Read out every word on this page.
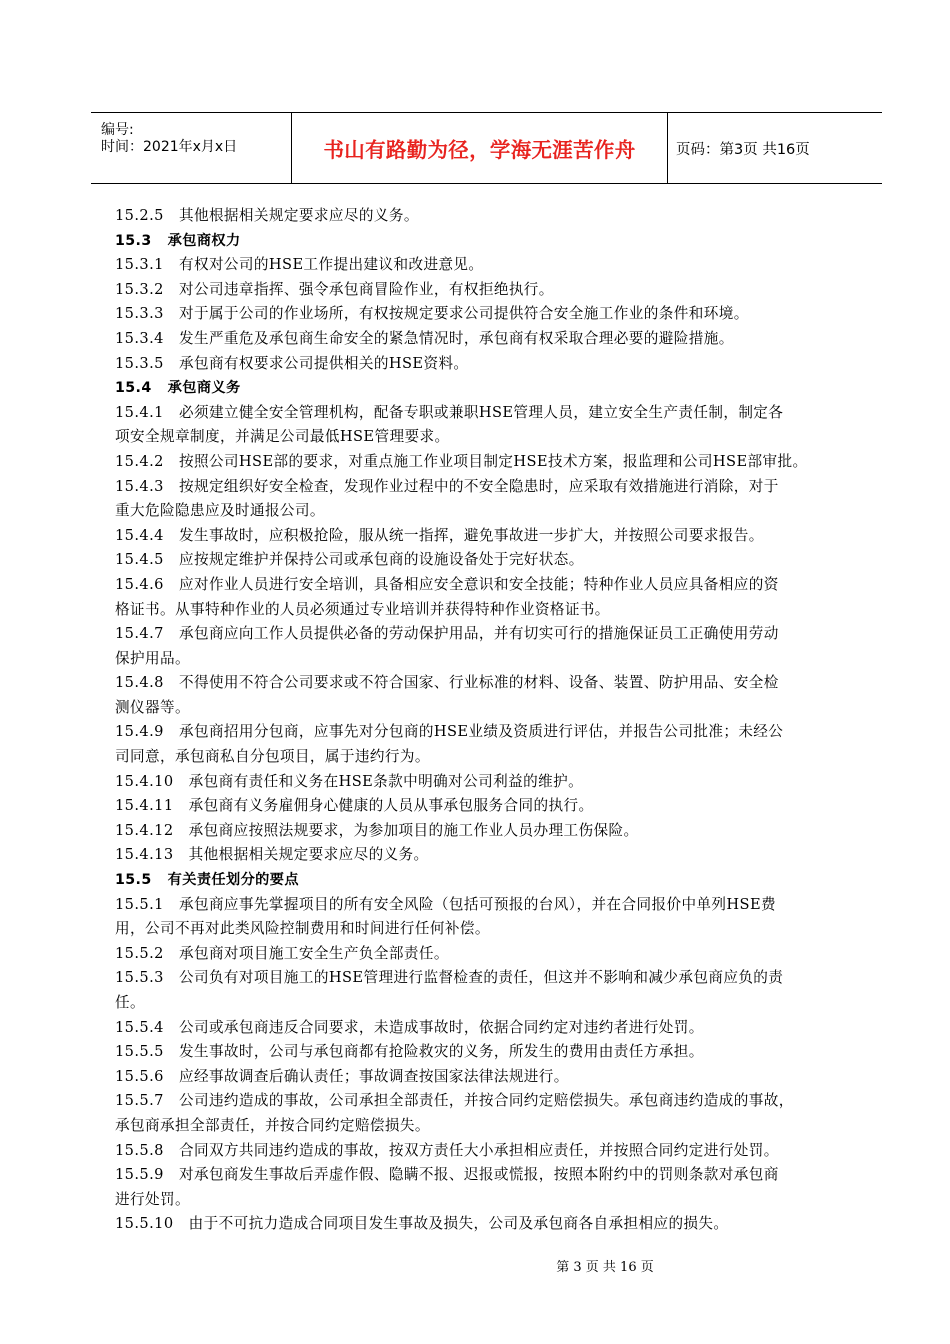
编号:
时间：2021年x月x日	书山有路勤为径，学海无涯苦作舟	页码：第3页 共16页
15.2.5 其他根据相关规定要求应尽的义务。
15.3 承包商权力
15.3.1 有权对公司的HSE工作提出建议和改进意见。
15.3.2 对公司违章指挥、强令承包商冒险作业，有权拒绝执行。
15.3.3 对于属于公司的作业场所，有权按规定要求公司提供符合安全施工作业的条件和环境。
15.3.4 发生严重危及承包商生命安全的紧急情况时，承包商有权采取合理必要的避险措施。
15.3.5 承包商有权要求公司提供相关的HSE资料。
15.4 承包商义务
15.4.1 必须建立健全安全管理机构，配备专职或兼职HSE管理人员，建立安全生产责任制，制定各
项安全规章制度，并满足公司最低HSE管理要求。
15.4.2 按照公司HSE部的要求，对重点施工作业项目制定HSE技术方案，报监理和公司HSE部审批。
15.4.3 按规定组织好安全检查，发现作业过程中的不安全隐患时，应采取有效措施进行消除，对于
重大危险隐患应及时通报公司。
15.4.4 发生事故时，应积极抢险，服从统一指挥，避免事故进一步扩大，并按照公司要求报告。
15.4.5 应按规定维护并保持公司或承包商的设施设备处于完好状态。
15.4.6 应对作业人员进行安全培训，具备相应安全意识和安全技能；特种作业人员应具备相应的资
格证书。从事特种作业的人员必须通过专业培训并获得特种作业资格证书。
15.4.7 承包商应向工作人员提供必备的劳动保护用品，并有切实可行的措施保证员工正确使用劳动
保护用品。
15.4.8 不得使用不符合公司要求或不符合国家、行业标准的材料、设备、装置、防护用品、安全检
测仪器等。
15.4.9 承包商招用分包商，应事先对分包商的HSE业绩及资质进行评估，并报告公司批准；未经公
司同意，承包商私自分包项目，属于违约行为。
15.4.10 承包商有责任和义务在HSE条款中明确对公司利益的维护。
15.4.11 承包商有义务雇佣身心健康的人员从事承包服务合同的执行。
15.4.12 承包商应按照法规要求，为参加项目的施工作业人员办理工伤保险。
15.4.13 其他根据相关规定要求应尽的义务。
15.5 有关责任划分的要点
15.5.1 承包商应事先掌握项目的所有安全风险（包括可预报的台风），并在合同报价中单列HSE费
用，公司不再对此类风险控制费用和时间进行任何补偿。
15.5.2 承包商对项目施工安全生产负全部责任。
15.5.3 公司负有对项目施工的HSE管理进行监督检查的责任，但这并不影响和减少承包商应负的责
任。
15.5.4 公司或承包商违反合同要求，未造成事故时，依据合同约定对违约者进行处罚。
15.5.5 发生事故时，公司与承包商都有抢险救灾的义务，所发生的费用由责任方承担。
15.5.6 应经事故调查后确认责任；事故调查按国家法律法规进行。
15.5.7 公司违约造成的事故，公司承担全部责任，并按合同约定赔偿损失。承包商违约造成的事故，
承包商承担全部责任，并按合同约定赔偿损失。
15.5.8 合同双方共同违约造成的事故，按双方责任大小承担相应责任，并按照合同约定进行处罚。
15.5.9 对承包商发生事故后弄虚作假、隐瞒不报、迟报或慌报，按照本附约中的罚则条款对承包商
进行处罚。
15.5.10 由于不可抗力造成合同项目发生事故及损失，公司及承包商各自承担相应的损失。
第 3 页 共 16 页
